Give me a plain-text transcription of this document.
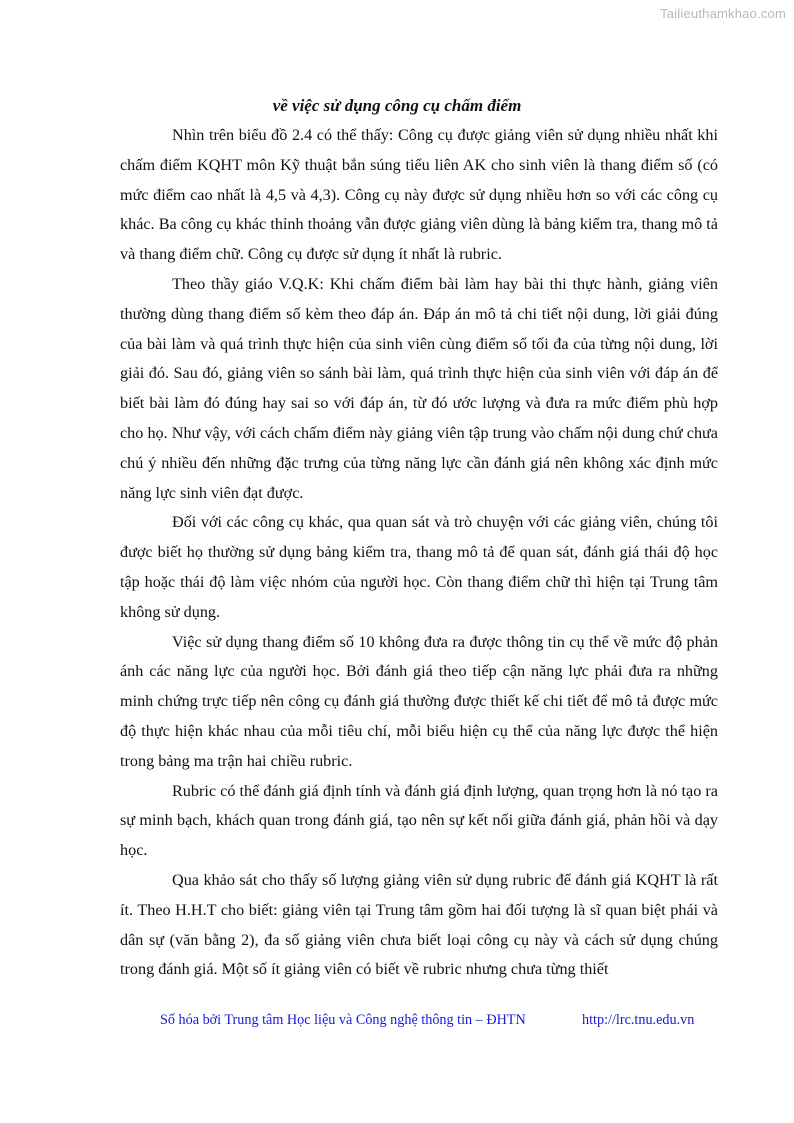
Tailieuthamkhao.com
về việc sử dụng công cụ chấm điểm

Nhìn trên biểu đồ 2.4 có thể thấy: Công cụ được giảng viên sử dụng nhiều nhất khi chấm điểm KQHT môn Kỹ thuật bắn súng tiểu liên AK cho sinh viên là thang điểm số (có mức điểm cao nhất là 4,5 và 4,3). Công cụ này được sử dụng nhiều hơn so với các công cụ khác. Ba công cụ khác thỉnh thoảng vẫn được giảng viên dùng là bảng kiểm tra, thang mô tả và thang điểm chữ. Công cụ được sử dụng ít nhất là rubric.

Theo thầy giáo V.Q.K: Khi chấm điểm bài làm hay bài thi thực hành, giảng viên thường dùng thang điểm số kèm theo đáp án. Đáp án mô tả chi tiết nội dung, lời giải đúng của bài làm và quá trình thực hiện của sinh viên cùng điểm số tối đa của từng nội dung, lời giải đó. Sau đó, giảng viên so sánh bài làm, quá trình thực hiện của sinh viên với đáp án để biết bài làm đó đúng hay sai so với đáp án, từ đó ước lượng và đưa ra mức điểm phù hợp cho họ. Như vậy, với cách chấm điểm này giảng viên tập trung vào chấm nội dung chứ chưa chú ý nhiều đến những đặc trưng của từng năng lực cần đánh giá nên không xác định mức năng lực sinh viên đạt được.

Đối với các công cụ khác, qua quan sát và trò chuyện với các giảng viên, chúng tôi được biết họ thường sử dụng bảng kiểm tra, thang mô tả để quan sát, đánh giá thái độ học tập hoặc thái độ làm việc nhóm của người học. Còn thang điểm chữ thì hiện tại Trung tâm không sử dụng.

Việc sử dụng thang điểm số 10 không đưa ra được thông tin cụ thể về mức độ phản ánh các năng lực của người học. Bởi đánh giá theo tiếp cận năng lực phải đưa ra những minh chứng trực tiếp nên công cụ đánh giá thường được thiết kế chi tiết để mô tả được mức độ thực hiện khác nhau của mỗi tiêu chí, mỗi biểu hiện cụ thể của năng lực được thể hiện trong bảng ma trận hai chiều rubric.

Rubric có thể đánh giá định tính và đánh giá định lượng, quan trọng hơn là nó tạo ra sự minh bạch, khách quan trong đánh giá, tạo nên sự kết nối giữa đánh giá, phản hồi và dạy học.

Qua khảo sát cho thấy số lượng giảng viên sử dụng rubric để đánh giá KQHT là rất ít. Theo H.H.T cho biết: giảng viên tại Trung tâm gồm hai đối tượng là sĩ quan biệt phái và dân sự (văn bằng 2), đa số giảng viên chưa biết loại công cụ này và cách sử dụng chúng trong đánh giá. Một số ít giảng viên có biết về rubric nhưng chưa từng thiết

Số hóa bởi Trung tâm Học liệu và Công nghệ thông tin – ĐHTN	http://lrc.tnu.edu.vn
